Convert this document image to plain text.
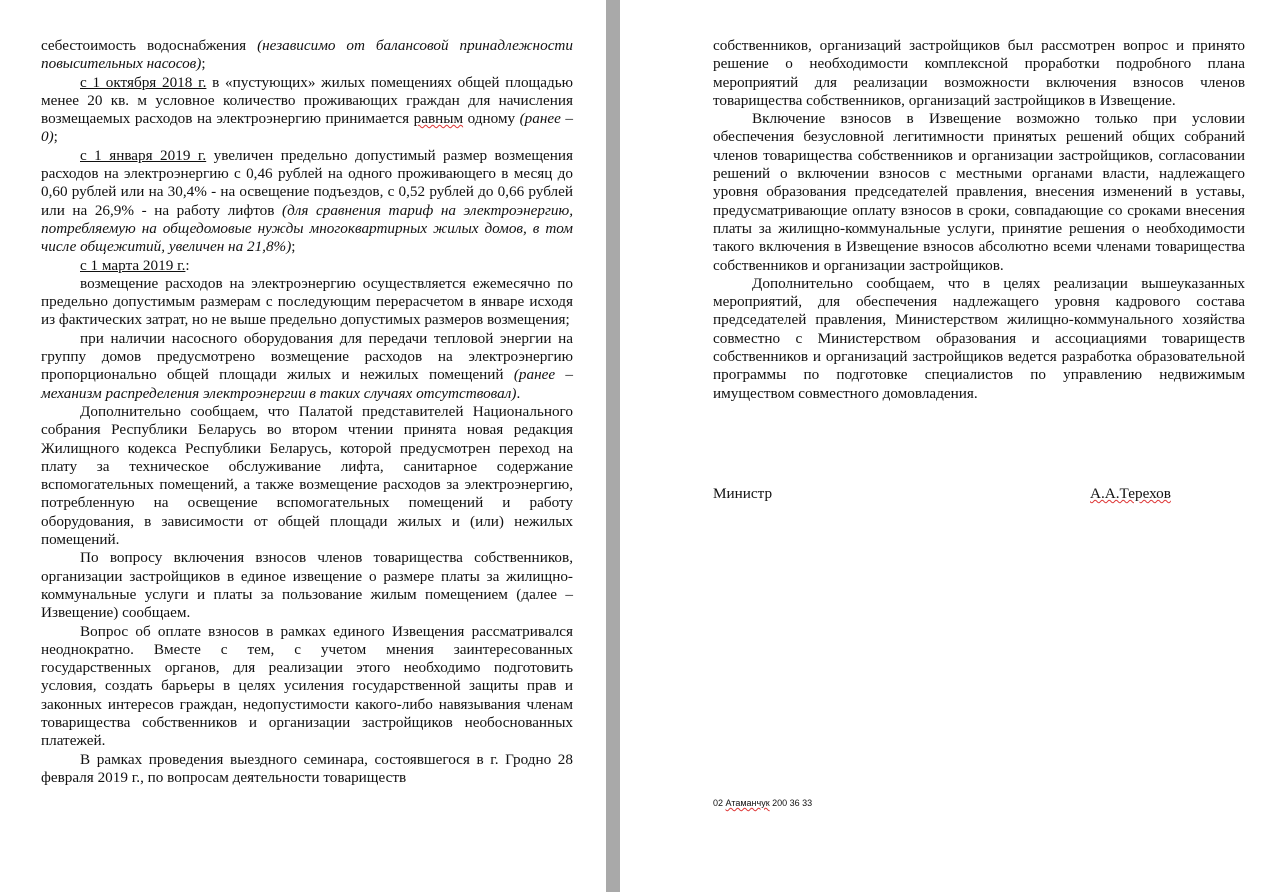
себестоимость водоснабжения (независимо от балансовой принадлежности повысительных насосов);

с 1 октября 2018 г. в «пустующих» жилых помещениях общей площадью менее 20 кв. м условное количество проживающих граждан для начисления возмещаемых расходов на электроэнергию принимается равным одному (ранее – 0);

с 1 января 2019 г. увеличен предельно допустимый размер возмещения расходов на электроэнергию с 0,46 рублей на одного проживающего в месяц до 0,60 рублей или на 30,4% - на освещение подъездов, с 0,52 рублей до 0,66 рублей или на 26,9% - на работу лифтов (для сравнения тариф на электроэнергию, потребляемую на общедомовые нужды многоквартирных жилых домов, в том числе общежитий, увеличен на 21,8%);

с 1 марта 2019 г.:

возмещение расходов на электроэнергию осуществляется ежемесячно по предельно допустимым размерам с последующим перерасчетом в январе исходя из фактических затрат, но не выше предельно допустимых размеров возмещения;

при наличии насосного оборудования для передачи тепловой энергии на группу домов предусмотрено возмещение расходов на электроэнергию пропорционально общей площади жилых и нежилых помещений (ранее – механизм распределения электроэнергии в таких случаях отсутствовал).

Дополнительно сообщаем, что Палатой представителей Национального собрания Республики Беларусь во втором чтении принята новая редакция Жилищного кодекса Республики Беларусь, которой предусмотрен переход на плату за техническое обслуживание лифта, санитарное содержание вспомогательных помещений, а также возмещение расходов за электроэнергию, потребленную на освещение вспомогательных помещений и работу оборудования, в зависимости от общей площади жилых и (или) нежилых помещений.

По вопросу включения взносов членов товарищества собственников, организации застройщиков в единое извещение о размере платы за жилищно-коммунальные услуги и платы за пользование жилым помещением (далее – Извещение) сообщаем.

Вопрос об оплате взносов в рамках единого Извещения рассматривался неоднократно. Вместе с тем, с учетом мнения заинтересованных государственных органов, для реализации этого необходимо подготовить условия, создать барьеры в целях усиления государственной защиты прав и законных интересов граждан, недопустимости какого-либо навязывания членам товарищества собственников и организации застройщиков необоснованных платежей.

В рамках проведения выездного семинара, состоявшегося в г. Гродно 28 февраля 2019 г., по вопросам деятельности товариществ

собственников, организаций застройщиков был рассмотрен вопрос и принято решение о необходимости комплексной проработки подробного плана мероприятий для реализации возможности включения взносов членов товарищества собственников, организаций застройщиков в Извещение.

Включение взносов в Извещение возможно только при условии обеспечения безусловной легитимности принятых решений общих собраний членов товарищества собственников и организации застройщиков, согласовании решений о включении взносов с местными органами власти, надлежащего уровня образования председателей правления, внесения изменений в уставы, предусматривающие оплату взносов в сроки, совпадающие со сроками внесения платы за жилищно-коммунальные услуги, принятие решения о необходимости такого включения в Извещение взносов абсолютно всеми членами товарищества собственников и организации застройщиков.

Дополнительно сообщаем, что в целях реализации вышеуказанных мероприятий, для обеспечения надлежащего уровня кадрового состава председателей правления, Министерством жилищно-коммунального хозяйства совместно с Министерством образования и ассоциациями товариществ собственников и организаций застройщиков ведется разработка образовательной программы по подготовке специалистов по управлению недвижимым имуществом совместного домовладения.

Министр	А.А.Терехов
02 Атаманчук 200 36 33
